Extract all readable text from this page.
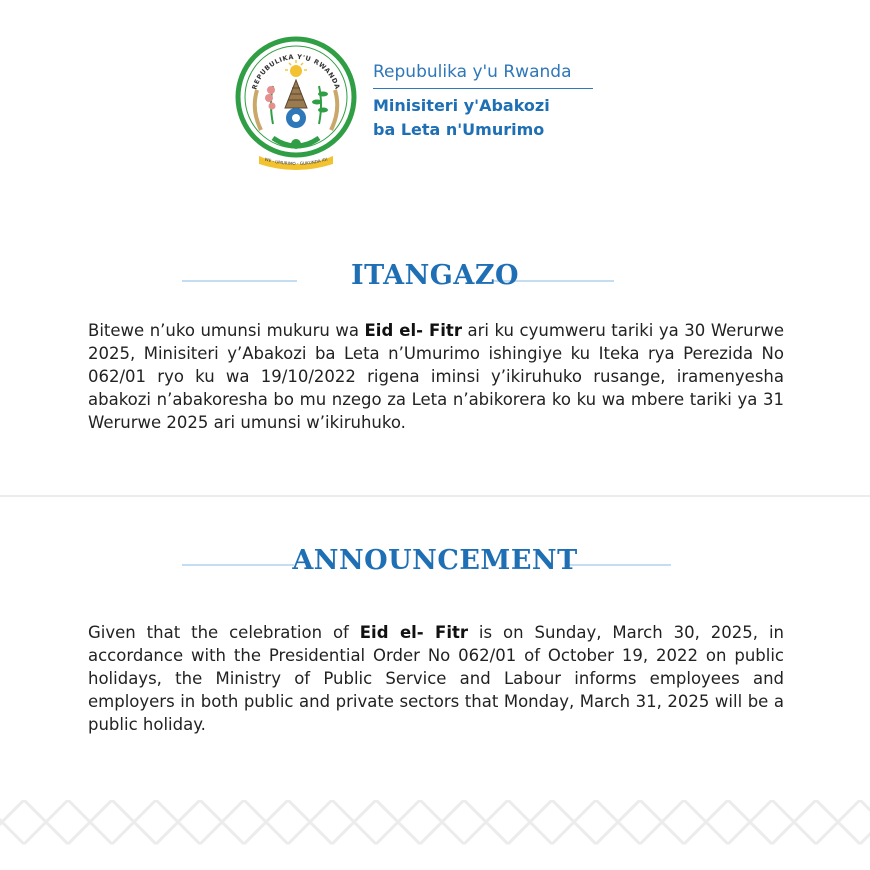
REPUBULIKA Y'U RWANDA
WE - UMURIMO - GUKUNDA IGI
Repubulika y'u Rwanda
Minisiteri y'Abakozi
ba Leta n'Umurimo
ITANGAZO
Bitewe n’uko umunsi mukuru wa Eid el- Fitr ari ku cyumweru tariki ya 30 Werurwe 2025, Minisiteri y’Abakozi ba Leta n’Umurimo ishingiye ku Iteka rya Perezida No 062/01 ryo ku wa 19/10/2022 rigena iminsi y’ikiruhuko rusange, iramenyesha abakozi n’abakoresha bo mu nzego za Leta n’abikorera ko ku wa mbere tariki ya 31 Werurwe 2025 ari umunsi w’ikiruhuko.
ANNOUNCEMENT
Given that the celebration of Eid el- Fitr is on Sunday, March 30, 2025, in accordance with the Presidential Order No 062/01 of October 19, 2022 on public holidays, the Ministry of Public Service and Labour informs employees and employers in both public and private sectors that Monday, March 31, 2025 will be a public holiday.
